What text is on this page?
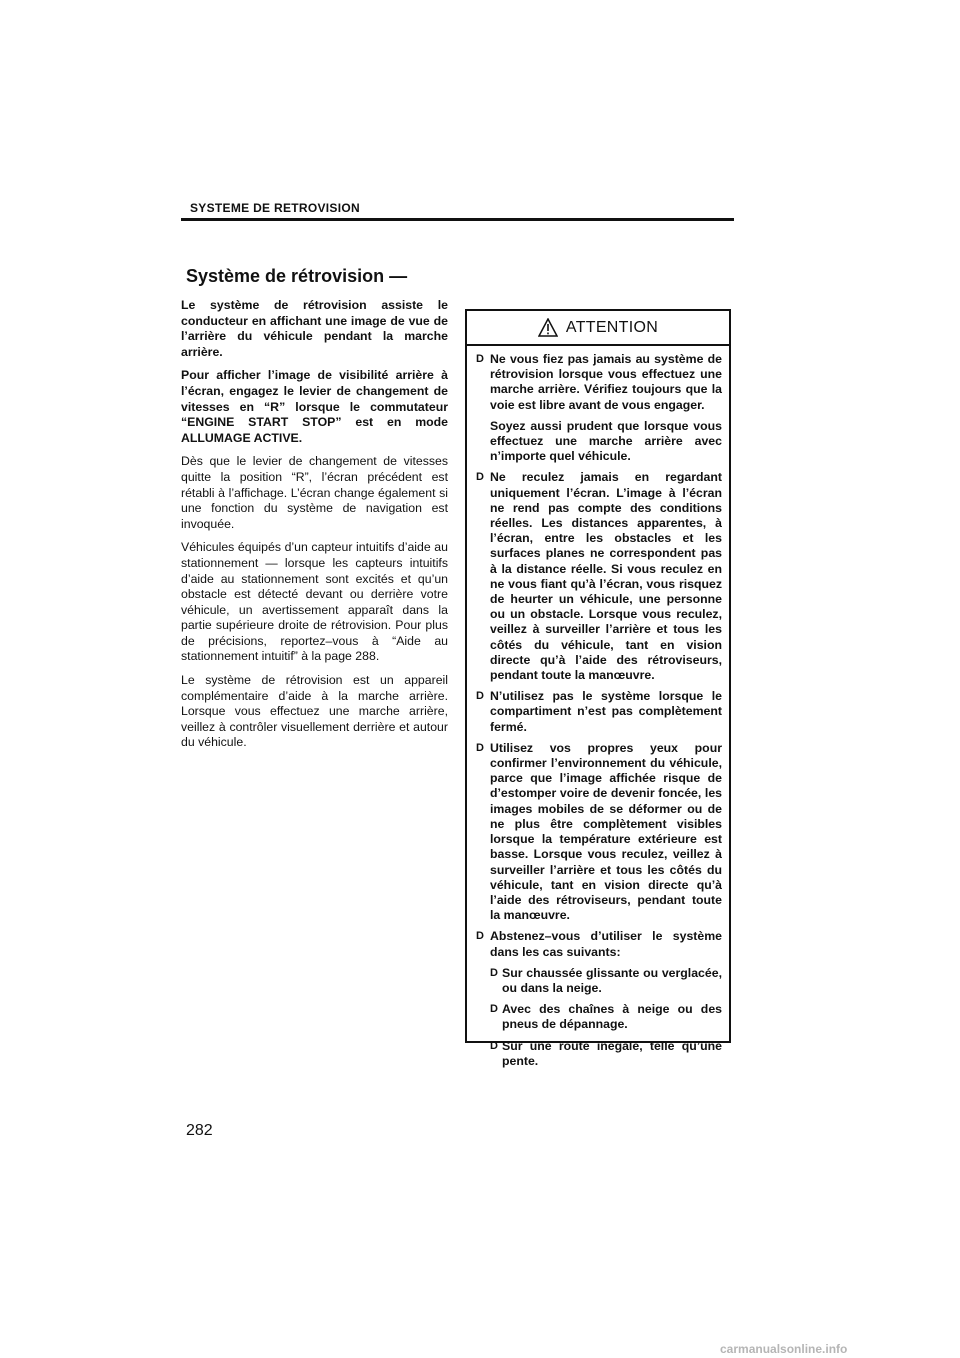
SYSTEME DE RETROVISION
Système de rétrovision —

Le système de rétrovision assiste le conducteur en affichant une image de vue de l’arrière du véhicule pendant la marche arrière.

Pour afficher l’image de visibilité arrière à l’écran, engagez le levier de changement de vitesses en “R” lorsque le commutateur “ENGINE START STOP” est en mode ALLUMAGE ACTIVE.

Dès que le levier de changement de vitesses quitte la position “R”, l’écran précédent est rétabli à l’affichage. L’écran change également si une fonction du système de navigation est invoquée.

Véhicules équipés d’un capteur intuitifs d’aide au stationnement — lorsque les capteurs intuitifs d’aide au stationnement sont excités et qu’un obstacle est détecté devant ou derrière votre véhicule, un avertissement apparaît dans la partie supérieure droite de rétrovision. Pour plus de précisions, reportez–vous à “Aide au stationnement intuitif” à la page 288.

Le système de rétrovision est un appareil complémentaire d’aide à la marche arrière. Lorsque vous effectuez une marche arrière, veillez à contrôler visuellement derrière et autour du véhicule.

ATTENTION
D Ne vous fiez pas jamais au système de rétrovision lorsque vous effectuez une marche arrière. Vérifiez toujours que la voie est libre avant de vous engager.
Soyez aussi prudent que lorsque vous effectuez une marche arrière avec n’importe quel véhicule.
D Ne reculez jamais en regardant uniquement l’écran. L’image à l’écran ne rend pas compte des conditions réelles. Les distances apparentes, à l’écran, entre les obstacles et les surfaces planes ne correspondent pas à la distance réelle. Si vous reculez en ne vous fiant qu’à l’écran, vous risquez de heurter un véhicule, une personne ou un obstacle. Lorsque vous reculez, veillez à surveiller l’arrière et tous les côtés du véhicule, tant en vision directe qu’à l’aide des rétroviseurs, pendant toute la manœuvre.
D N’utilisez pas le système lorsque le compartiment n’est pas complètement fermé.
D Utilisez vos propres yeux pour confirmer l’environnement du véhicule, parce que l’image affichée risque de d’estomper voire de devenir foncée, les images mobiles de se déformer ou de ne plus être complètement visibles lorsque la température extérieure est basse. Lorsque vous reculez, veillez à surveiller l’arrière et tous les côtés du véhicule, tant en vision directe qu’à l’aide des rétroviseurs, pendant toute la manœuvre.
D Abstenez–vous d’utiliser le système dans les cas suivants:
D Sur chaussée glissante ou verglacée, ou dans la neige.
D Avec des chaînes à neige ou des pneus de dépannage.
D Sur une route inégale, telle qu’une pente.
282
carmanualsonline.info
